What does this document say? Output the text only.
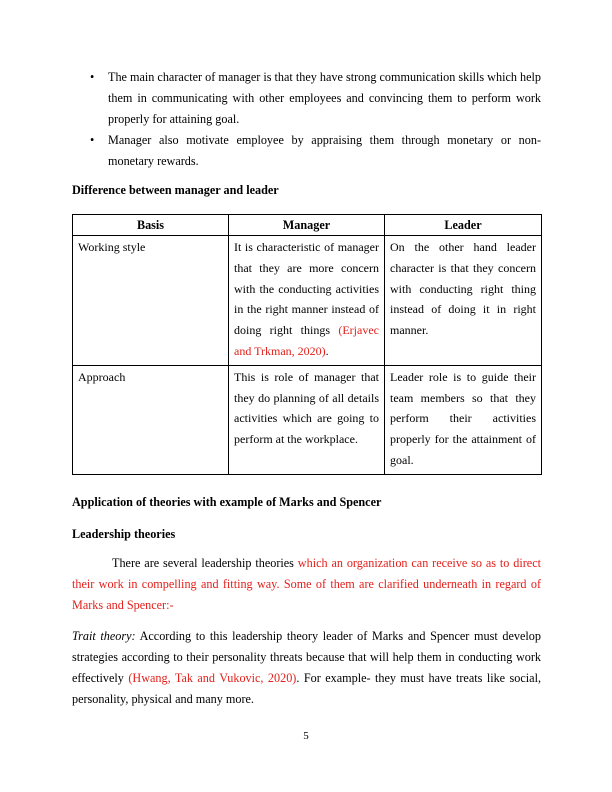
• The main character of manager is that they have strong communication skills which help them in communicating with other employees and convincing them to perform work properly for attaining goal.
• Manager also motivate employee by appraising them through monetary or non-monetary rewards.
Difference between manager and leader
Basis	Manager	Leader
Working style	It is characteristic of manager that they are more concern with the conducting activities in the right manner instead of doing right things (Erjavec and Trkman, 2020).	On the other hand leader character is that they concern with conducting right thing instead of doing it in right manner.
Approach	This is role of manager that they do planning of all details activities which are going to perform at the workplace.	Leader role is to guide their team members so that they perform their activities properly for the attainment of goal.
Application of theories with example of Marks and Spencer
Leadership theories

There are several leadership theories which an organization can receive so as to direct their work in compelling and fitting way. Some of them are clarified underneath in regard of Marks and Spencer:-

Trait theory: According to this leadership theory leader of Marks and Spencer must develop strategies according to their personality threats because that will help them in conducting work effectively (Hwang, Tak and Vukovic, 2020). For example- they must have treats like social, personality, physical and many more.

5
